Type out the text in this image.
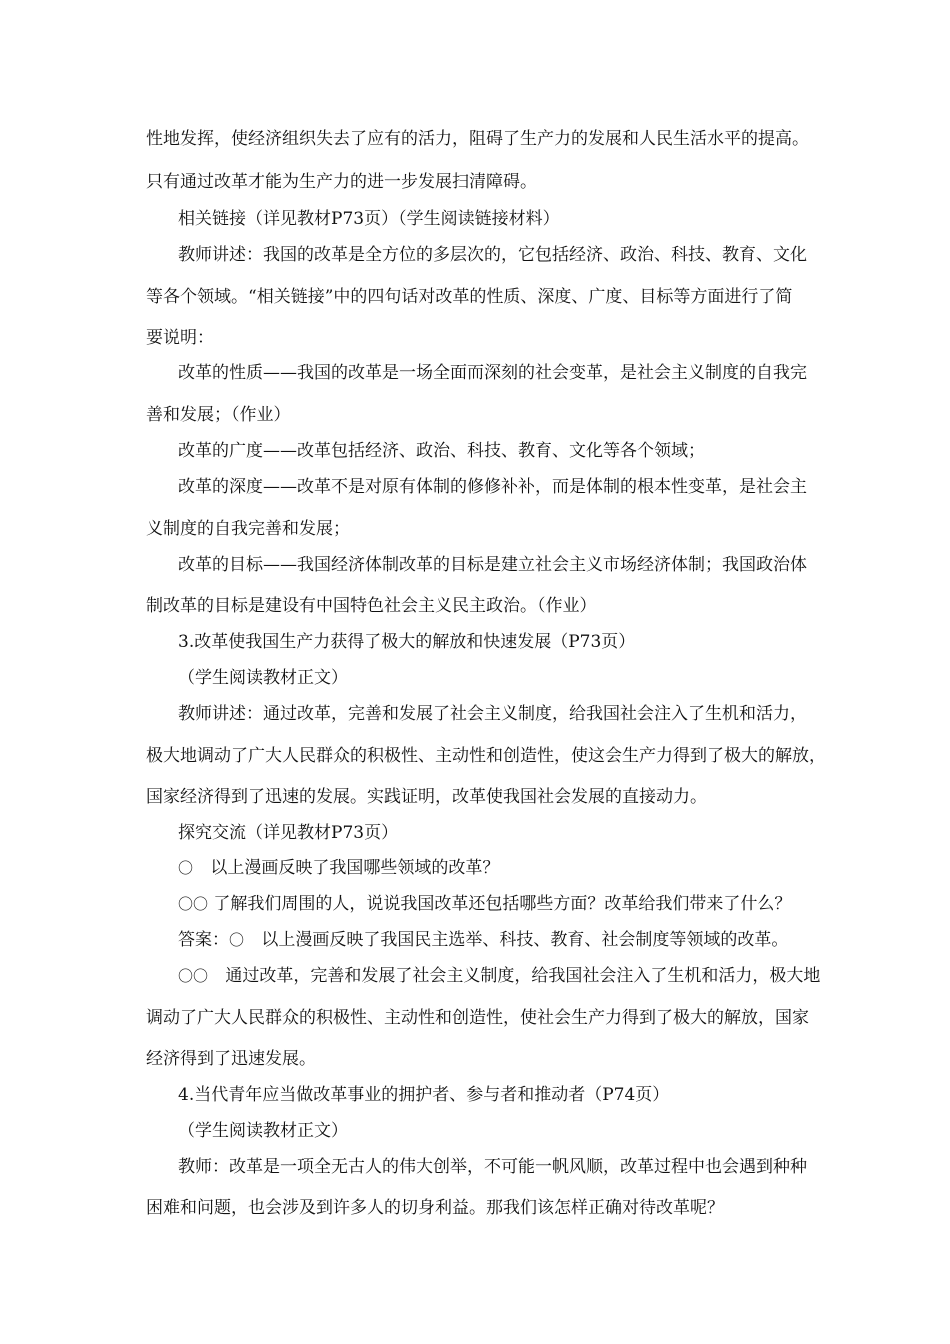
性地发挥，使经济组织失去了应有的活力，阻碍了生产力的发展和人民生活水平的提高。
只有通过改革才能为生产力的进一步发展扫清障碍。
相关链接（详见教材P73页）（学生阅读链接材料）
教师讲述：我国的改革是全方位的多层次的，它包括经济、政治、科技、教育、文化
等各个领域。“相关链接”中的四句话对改革的性质、深度、广度、目标等方面进行了简
要说明：
改革的性质——我国的改革是一场全面而深刻的社会变革，是社会主义制度的自我完
善和发展；（作业）
改革的广度——改革包括经济、政治、科技、教育、文化等各个领域；
改革的深度——改革不是对原有体制的修修补补，而是体制的根本性变革，是社会主
义制度的自我完善和发展；
改革的目标——我国经济体制改革的目标是建立社会主义市场经济体制；我国政治体
制改革的目标是建设有中国特色社会主义民主政治。（作业）
3.改革使我国生产力获得了极大的解放和快速发展（P73页）
（学生阅读教材正文）
教师讲述：通过改革，完善和发展了社会主义制度，给我国社会注入了生机和活力，
极大地调动了广大人民群众的积极性、主动性和创造性，使这会生产力得到了极大的解放，
国家经济得到了迅速的发展。实践证明，改革使我国社会发展的直接动力。
探究交流（详见教材P73页）
〇 以上漫画反映了我国哪些领域的改革？
〇〇 了解我们周围的人，说说我国改革还包括哪些方面？改革给我们带来了什么？
答案：〇 以上漫画反映了我国民主选举、科技、教育、社会制度等领域的改革。
〇〇 通过改革，完善和发展了社会主义制度，给我国社会注入了生机和活力，极大地
调动了广大人民群众的积极性、主动性和创造性，使社会生产力得到了极大的解放，国家
经济得到了迅速发展。
4.当代青年应当做改革事业的拥护者、参与者和推动者（P74页）
（学生阅读教材正文）
教师：改革是一项全无古人的伟大创举，不可能一帆风顺，改革过程中也会遇到种种
困难和问题，也会涉及到许多人的切身利益。那我们该怎样正确对待改革呢？
